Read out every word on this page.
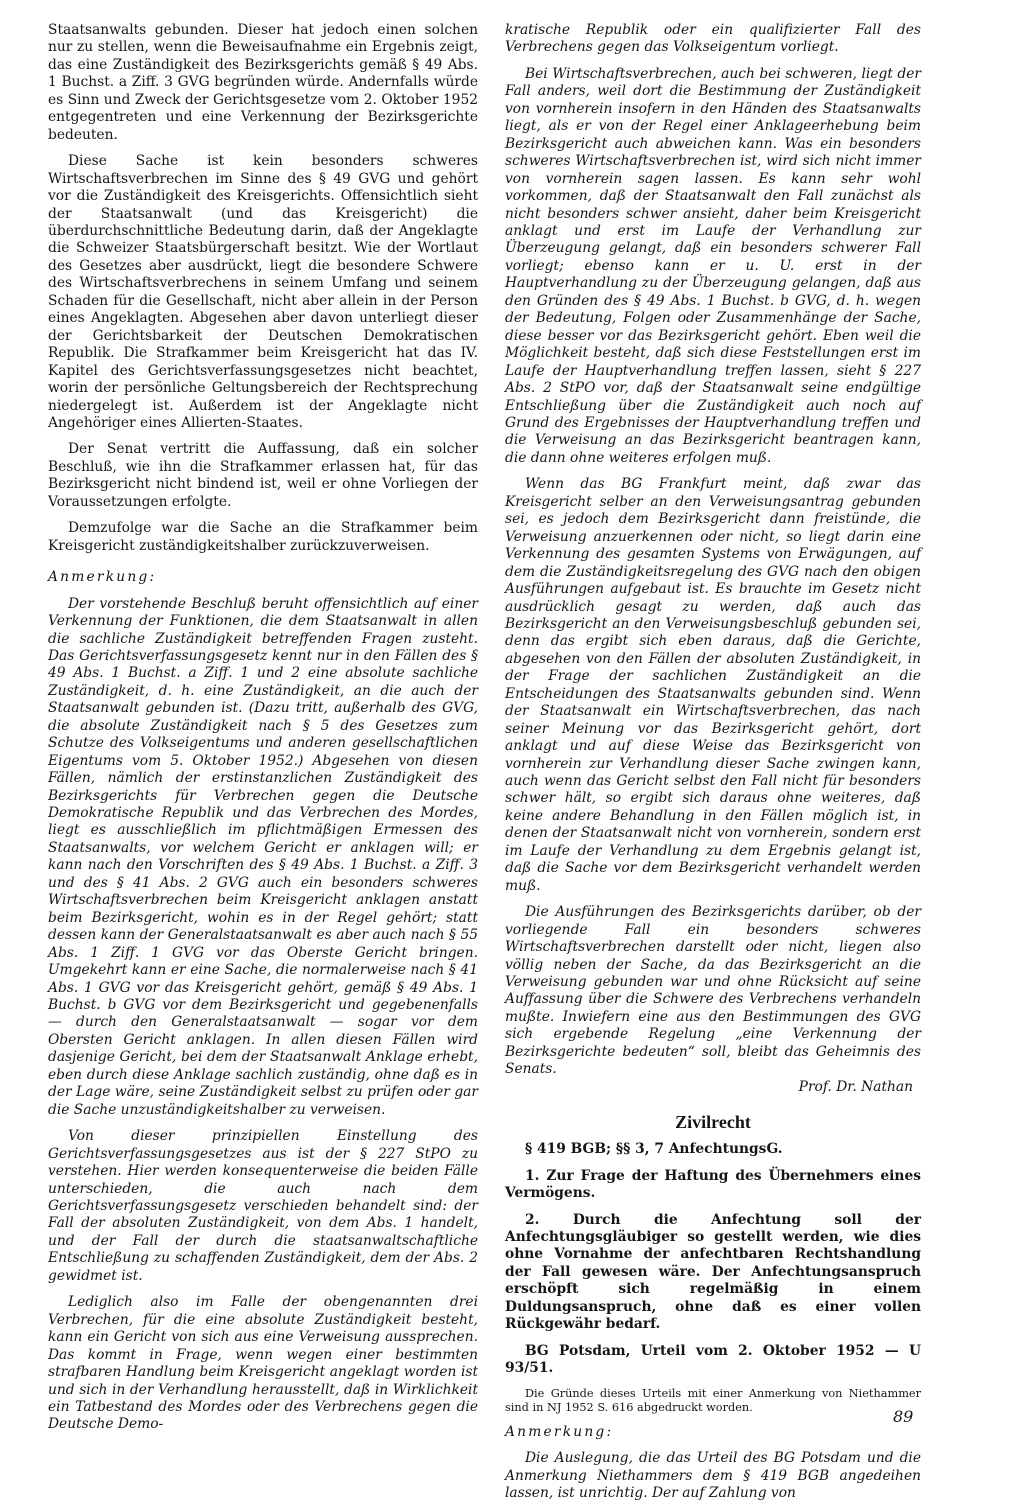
Staatsanwalts gebunden. Dieser hat jedoch einen solchen nur zu stellen, wenn die Beweisaufnahme ein Ergebnis zeigt, das eine Zuständigkeit des Bezirksgerichts gemäß § 49 Abs. 1 Buchst. a Ziff. 3 GVG begründen würde. Andernfalls würde es Sinn und Zweck der Gerichtsgesetze vom 2. Oktober 1952 entgegentreten und eine Verkennung der Bezirksgerichte bedeuten.

Diese Sache ist kein besonders schweres Wirtschaftsverbrechen im Sinne des § 49 GVG und gehört vor die Zuständigkeit des Kreisgerichts. Offensichtlich sieht der Staatsanwalt (und das Kreisgericht) die überdurchschnittliche Bedeutung darin, daß der Angeklagte die Schweizer Staatsbürgerschaft besitzt. Wie der Wortlaut des Gesetzes aber ausdrückt, liegt die besondere Schwere des Wirtschaftsverbrechens in seinem Umfang und seinem Schaden für die Gesellschaft, nicht aber allein in der Person eines Angeklagten. Abgesehen aber davon unterliegt dieser der Gerichtsbarkeit der Deutschen Demokratischen Republik. Die Strafkammer beim Kreisgericht hat das IV. Kapitel des Gerichtsverfassungsgesetzes nicht beachtet, worin der persönliche Geltungsbereich der Rechtsprechung niedergelegt ist. Außerdem ist der Angeklagte nicht Angehöriger eines Allierten-Staates.

Der Senat vertritt die Auffassung, daß ein solcher Beschluß, wie ihn die Strafkammer erlassen hat, für das Bezirksgericht nicht bindend ist, weil er ohne Vorliegen der Voraussetzungen erfolgte.

Demzufolge war die Sache an die Strafkammer beim Kreisgericht zuständigkeitshalber zurückzuverweisen.

Anmerkung:

Der vorstehende Beschluß beruht offensichtlich auf einer Verkennung der Funktionen, die dem Staatsanwalt in allen die sachliche Zuständigkeit betreffenden Fragen zusteht. Das Gerichtsverfassungsgesetz kennt nur in den Fällen des § 49 Abs. 1 Buchst. a Ziff. 1 und 2 eine absolute sachliche Zuständigkeit, d. h. eine Zuständigkeit, an die auch der Staatsanwalt gebunden ist. (Dazu tritt, außerhalb des GVG, die absolute Zuständigkeit nach § 5 des Gesetzes zum Schutze des Volkseigentums und anderen gesellschaftlichen Eigentums vom 5. Oktober 1952.) Abgesehen von diesen Fällen, nämlich der erstinstanzlichen Zuständigkeit des Bezirksgerichts für Verbrechen gegen die Deutsche Demokratische Republik und das Verbrechen des Mordes, liegt es ausschließlich im pflichtmäßigen Ermessen des Staatsanwalts, vor welchem Gericht er anklagen will; er kann nach den Vorschriften des § 49 Abs. 1 Buchst. a Ziff. 3 und des § 41 Abs. 2 GVG auch ein besonders schweres Wirtschaftsverbrechen beim Kreisgericht anklagen anstatt beim Bezirksgericht, wohin es in der Regel gehört; statt dessen kann der Generalstaatsanwalt es aber auch nach § 55 Abs. 1 Ziff. 1 GVG vor das Oberste Gericht bringen. Umgekehrt kann er eine Sache, die normalerweise nach § 41 Abs. 1 GVG vor das Kreisgericht gehört, gemäß § 49 Abs. 1 Buchst. b GVG vor dem Bezirksgericht und gegebenenfalls — durch den Generalstaatsanwalt — sogar vor dem Obersten Gericht anklagen. In allen diesen Fällen wird dasjenige Gericht, bei dem der Staatsanwalt Anklage erhebt, eben durch diese Anklage sachlich zuständig, ohne daß es in der Lage wäre, seine Zuständigkeit selbst zu prüfen oder gar die Sache unzuständigkeitshalber zu verweisen.

Von dieser prinzipiellen Einstellung des Gerichtsverfassungsgesetzes aus ist der § 227 StPO zu verstehen. Hier werden konsequenterweise die beiden Fälle unterschieden, die auch nach dem Gerichtsverfassungsgesetz verschieden behandelt sind: der Fall der absoluten Zuständigkeit, von dem Abs. 1 handelt, und der Fall der durch die staatsanwaltschaftliche Entschließung zu schaffenden Zuständigkeit, dem der Abs. 2 gewidmet ist.

Lediglich also im Falle der obengenannten drei Verbrechen, für die eine absolute Zuständigkeit besteht, kann ein Gericht von sich aus eine Verweisung aussprechen. Das kommt in Frage, wenn wegen einer bestimmten strafbaren Handlung beim Kreisgericht angeklagt worden ist und sich in der Verhandlung herausstellt, daß in Wirklichkeit ein Tatbestand des Mordes oder des Verbrechens gegen die Deutsche Demo-

kratische Republik oder ein qualifizierter Fall des Verbrechens gegen das Volkseigentum vorliegt.

Bei Wirtschaftsverbrechen, auch bei schweren, liegt der Fall anders, weil dort die Bestimmung der Zuständigkeit von vornherein insofern in den Händen des Staatsanwalts liegt, als er von der Regel einer Anklageerhebung beim Bezirksgericht auch abweichen kann. Was ein besonders schweres Wirtschaftsverbrechen ist, wird sich nicht immer von vornherein sagen lassen. Es kann sehr wohl vorkommen, daß der Staatsanwalt den Fall zunächst als nicht besonders schwer ansieht, daher beim Kreisgericht anklagt und erst im Laufe der Verhandlung zur Überzeugung gelangt, daß ein besonders schwerer Fall vorliegt; ebenso kann er u. U. erst in der Hauptverhandlung zu der Überzeugung gelangen, daß aus den Gründen des § 49 Abs. 1 Buchst. b GVG, d. h. wegen der Bedeutung, Folgen oder Zusammenhänge der Sache, diese besser vor das Bezirksgericht gehört. Eben weil die Möglichkeit besteht, daß sich diese Feststellungen erst im Laufe der Hauptverhandlung treffen lassen, sieht § 227 Abs. 2 StPO vor, daß der Staatsanwalt seine endgültige Entschließung über die Zuständigkeit auch noch auf Grund des Ergebnisses der Hauptverhandlung treffen und die Verweisung an das Bezirksgericht beantragen kann, die dann ohne weiteres erfolgen muß.

Wenn das BG Frankfurt meint, daß zwar das Kreisgericht selber an den Verweisungsantrag gebunden sei, es jedoch dem Bezirksgericht dann freistünde, die Verweisung anzuerkennen oder nicht, so liegt darin eine Verkennung des gesamten Systems von Erwägungen, auf dem die Zuständigkeitsregelung des GVG nach den obigen Ausführungen aufgebaut ist. Es brauchte im Gesetz nicht ausdrücklich gesagt zu werden, daß auch das Bezirksgericht an den Verweisungsbeschluß gebunden sei, denn das ergibt sich eben daraus, daß die Gerichte, abgesehen von den Fällen der absoluten Zuständigkeit, in der Frage der sachlichen Zuständigkeit an die Entscheidungen des Staatsanwalts gebunden sind. Wenn der Staatsanwalt ein Wirtschaftsverbrechen, das nach seiner Meinung vor das Bezirksgericht gehört, dort anklagt und auf diese Weise das Bezirksgericht von vornherein zur Verhandlung dieser Sache zwingen kann, auch wenn das Gericht selbst den Fall nicht für besonders schwer hält, so ergibt sich daraus ohne weiteres, daß keine andere Behandlung in den Fällen möglich ist, in denen der Staatsanwalt nicht von vornherein, sondern erst im Laufe der Verhandlung zu dem Ergebnis gelangt ist, daß die Sache vor dem Bezirksgericht verhandelt werden muß.

Die Ausführungen des Bezirksgerichts darüber, ob der vorliegende Fall ein besonders schweres Wirtschaftsverbrechen darstellt oder nicht, liegen also völlig neben der Sache, da das Bezirksgericht an die Verweisung gebunden war und ohne Rücksicht auf seine Auffassung über die Schwere des Verbrechens verhandeln mußte. Inwiefern eine aus den Bestimmungen des GVG sich ergebende Regelung „eine Verkennung der Bezirksgerichte bedeuten“ soll, bleibt das Geheimnis des Senats.

Prof. Dr. Nathan

Zivilrecht

§ 419 BGB; §§ 3, 7 AnfechtungsG.

1. Zur Frage der Haftung des Übernehmers eines Vermögens.

2. Durch die Anfechtung soll der Anfechtungsgläubiger so gestellt werden, wie dies ohne Vornahme der anfechtbaren Rechtshandlung der Fall gewesen wäre. Der Anfechtungsanspruch erschöpft sich regelmäßig in einem Duldungsanspruch, ohne daß es einer vollen Rückgewähr bedarf.

BG Potsdam, Urteil vom 2. Oktober 1952 — U 93/51.

Die Gründe dieses Urteils mit einer Anmerkung von Niethammer sind in NJ 1952 S. 616 abgedruckt worden.

Anmerkung:

Die Auslegung, die das Urteil des BG Potsdam und die Anmerkung Niethammers dem § 419 BGB angedeihen lassen, ist unrichtig. Der auf Zahlung von

89
